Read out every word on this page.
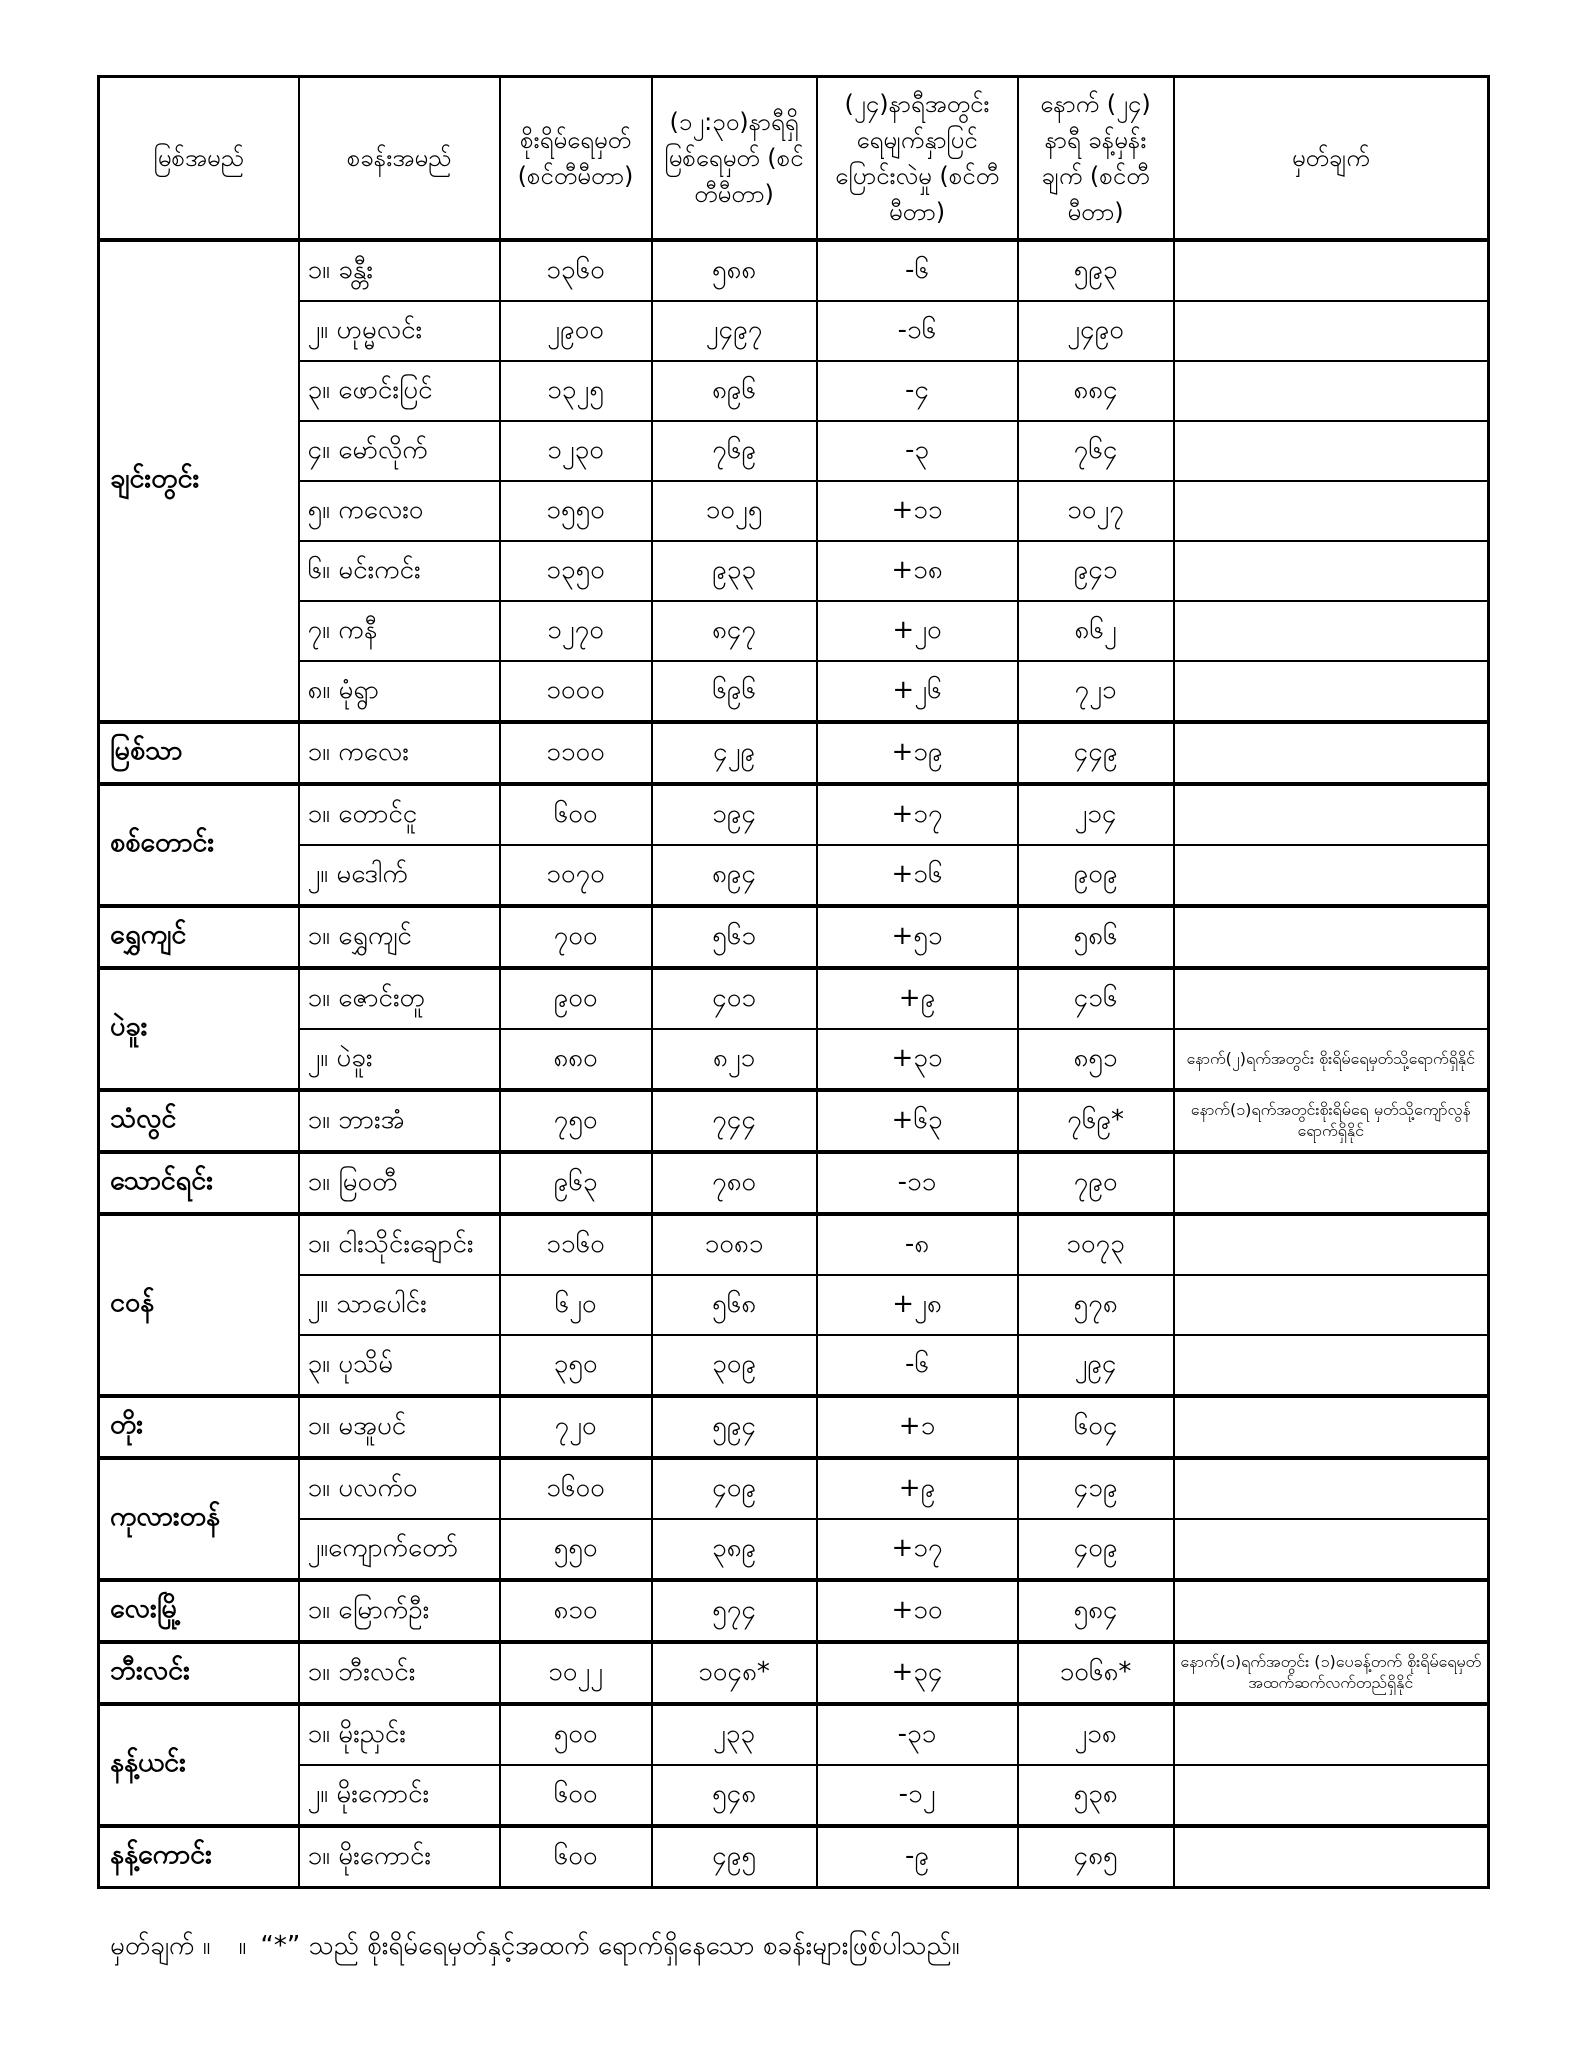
မြစ်အမည်	စခန်းအမည်	စိုးရိမ်ရေမှတ် (စင်တီမီတာ)	(၁၂:၃၀)နာရီရှိ မြစ်ရေမှတ် (စင်တီမီတာ)	(၂၄)နာရီအတွင်း ရေမျက်နှာပြင် ပြောင်းလဲမှု (စင်တီမီတာ)	နောက် (၂၄) နာရီ ခန့်မှန်းချက် (စင်တီမီတာ)	မှတ်ချက်
ချင်းတွင်း	၁။ ခန္တီး	၁၃၆၀	၅၈၈	-၆	၅၉၃	
	၂။ ဟုမ္မလင်း	၂၉၀၀	၂၄၉၇	-၁၆	၂၄၉၀	
	၃။ ဖောင်းပြင်	၁၃၂၅	၈၉၆	-၄	၈၈၄	
	၄။ မော်လိုက်	၁၂၃၀	၇၆၉	-၃	၇၆၄	
	၅။ ကလေးဝ	၁၅၅၀	၁၀၂၅	+၁၁	၁၀၂၇	
	၆။ မင်းကင်း	၁၃၅၀	၉၃၃	+၁၈	၉၄၁	
	၇။ ကနီ	၁၂၇၀	၈၄၇	+၂၀	၈၆၂	
	၈။ မုံရွာ	၁၀၀၀	၆၉၆	+၂၆	၇၂၁	
မြစ်သာ	၁။ ကလေး	၁၁၀၀	၄၂၉	+၁၉	၄၄၉	
စစ်တောင်း	၁။ တောင်ငူ	၆၀၀	၁၉၄	+၁၇	၂၁၄	
	၂။ မဒေါက်	၁၀၇၀	၈၉၄	+၁၆	၉၀၉	
ရွှေကျင်	၁။ ရွှေကျင်	၇၀၀	၅၆၁	+၅၁	၅၈၆	
ပဲခူး	၁။ ဇောင်းတူ	၉၀၀	၄၀၁	+၉	၄၁၆	
	၂။ ပဲခူး	၈၈၀	၈၂၁	+၃၁	၈၅၁	နောက်(၂)ရက်အတွင်း စိုးရိမ်ရေမှတ်သို့ရောက်ရှိနိုင်
သံလွင်	၁။ ဘားအံ	၇၅၀	၇၄၄	+၆၃	၇၆၉*	နောက်(၁)ရက်အတွင်းစိုးရိမ်ရေ မှတ်သို့ကျော်လွန်ရောက်ရှိနိုင်
သောင်ရင်း	၁။ မြဝတီ	၉၆၃	၇၈၀	-၁၁	၇၉၀	
ငဝန်	၁။ ငါးသိုင်းချောင်း	၁၁၆၀	၁၀၈၁	-၈	၁၀၇၃	
	၂။ သာပေါင်း	၆၂၀	၅၆၈	+၂၈	၅၇၈	
	၃။ ပုသိမ်	၃၅၀	၃၀၉	-၆	၂၉၄	
တိုး	၁။ မအူပင်	၇၂၀	၅၉၄	+၁	၆၀၄	
ကုလားတန်	၁။ ပလက်ဝ	၁၆၀၀	၄၀၉	+၉	၄၁၉	
	၂။ကျောက်တော်	၅၅၀	၃၈၉	+၁၇	၄၀၉	
လေးမြို့	၁။ မြောက်ဦး	၈၁၀	၅၇၄	+၁၀	၅၈၄	
ဘီးလင်း	၁။ ဘီးလင်း	၁၀၂၂	၁၀၄၈*	+၃၄	၁၀၆၈*	နောက်(၁)ရက်အတွင်း (၁)ပေခန့်တက် စိုးရိမ်ရေမှတ်အထက်ဆက်လက်တည်ရှိနိုင်
နန့်ယင်း	၁။ မိုးညှင်း	၅၀၀	၂၃၃	-၃၁	၂၁၈	
	၂။ မိုးကောင်း	၆၀၀	၅၄၈	-၁၂	၅၃၈	
နန့်ကောင်း	၁။ မိုးကောင်း	၆၀၀	၄၉၅	-၉	၄၈၅	
မှတ်ချက် ။ ။ “*” သည် စိုးရိမ်ရေမှတ်နှင့်အထက် ရောက်ရှိနေသော စခန်းများဖြစ်ပါသည်။
